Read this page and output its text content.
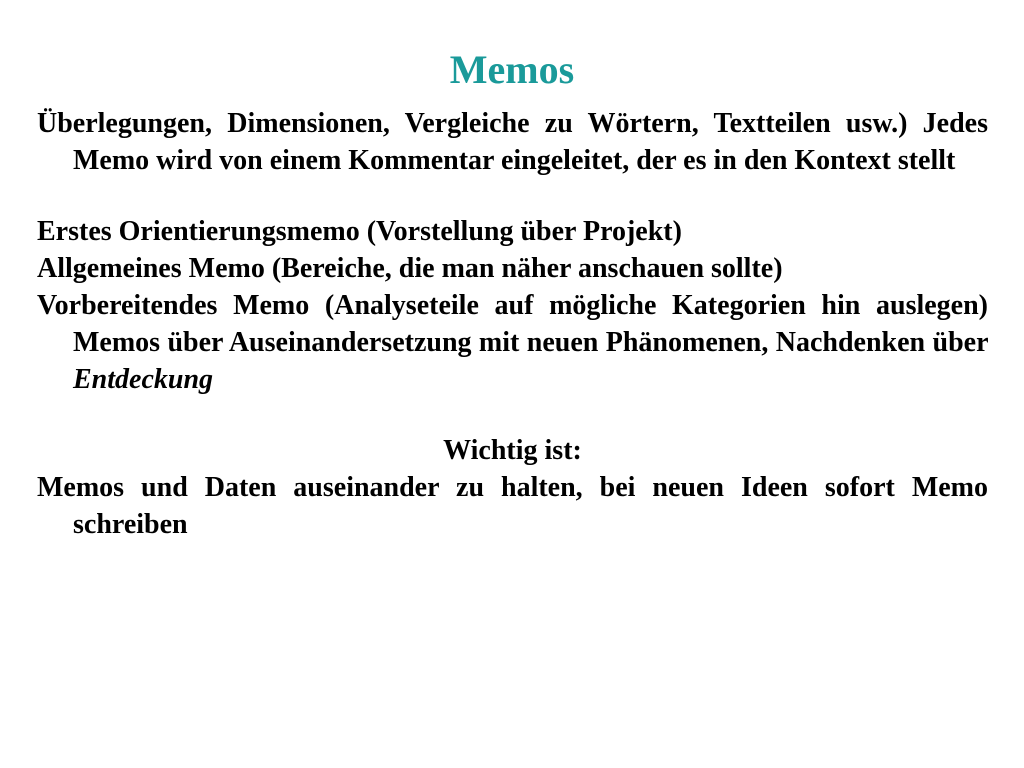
Memos

Überlegungen, Dimensionen, Vergleiche zu Wörtern, Textteilen usw.) Jedes Memo wird von einem Kommentar eingeleitet, der es in den Kontext stellt

Erstes Orientierungsmemo (Vorstellung über Projekt)

Allgemeines Memo (Bereiche, die man näher anschauen sollte)

Vorbereitendes Memo (Analyseteile auf mögliche Kategorien hin auslegen) Memos über Auseinandersetzung mit neuen Phänomenen, Nachdenken über Entdeckung

Wichtig ist:

Memos und Daten auseinander zu halten, bei neuen Ideen sofort Memo schreiben
